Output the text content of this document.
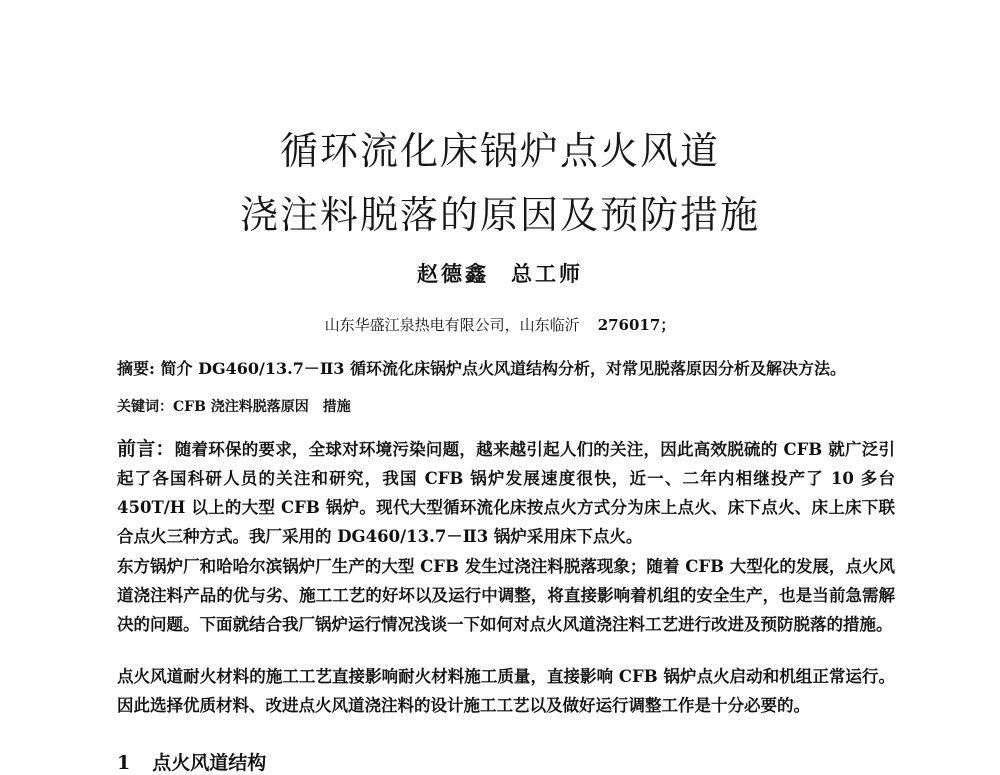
循环流化床锅炉点火风道
浇注料脱落的原因及预防措施
赵德鑫 总工师
山东华盛江泉热电有限公司，山东临沂 276017；
摘要: 简介 DG460/13.7－Ⅱ3 循环流化床锅炉点火风道结构分析，对常见脱落原因分析及解决方法。
关键词：CFB 浇注料脱落原因 措施

前言：随着环保的要求，全球对环境污染问题，越来越引起人们的关注，因此高效脱硫的 CFB 就广泛引起了各国科研人员的关注和研究，我国 CFB 锅炉发展速度很快，近一、二年内相继投产了 10 多台 450T/H 以上的大型 CFB 锅炉。现代大型循环流化床按点火方式分为床上点火、床下点火、床上床下联合点火三种方式。我厂采用的 DG460/13.7－Ⅱ3 锅炉采用床下点火。

东方锅炉厂和哈哈尔滨锅炉厂生产的大型 CFB 发生过浇注料脱落现象；随着 CFB 大型化的发展，点火风道浇注料产品的优与劣、施工工艺的好坏以及运行中调整，将直接影响着机组的安全生产，也是当前急需解决的问题。下面就结合我厂锅炉运行情况浅谈一下如何对点火风道浇注料工艺进行改进及预防脱落的措施。

点火风道耐火材料的施工工艺直接影响耐火材料施工质量，直接影响 CFB 锅炉点火启动和机组正常运行。因此选择优质材料、改进点火风道浇注料的设计施工工艺以及做好运行调整工作是十分必要的。

1 点火风道结构
